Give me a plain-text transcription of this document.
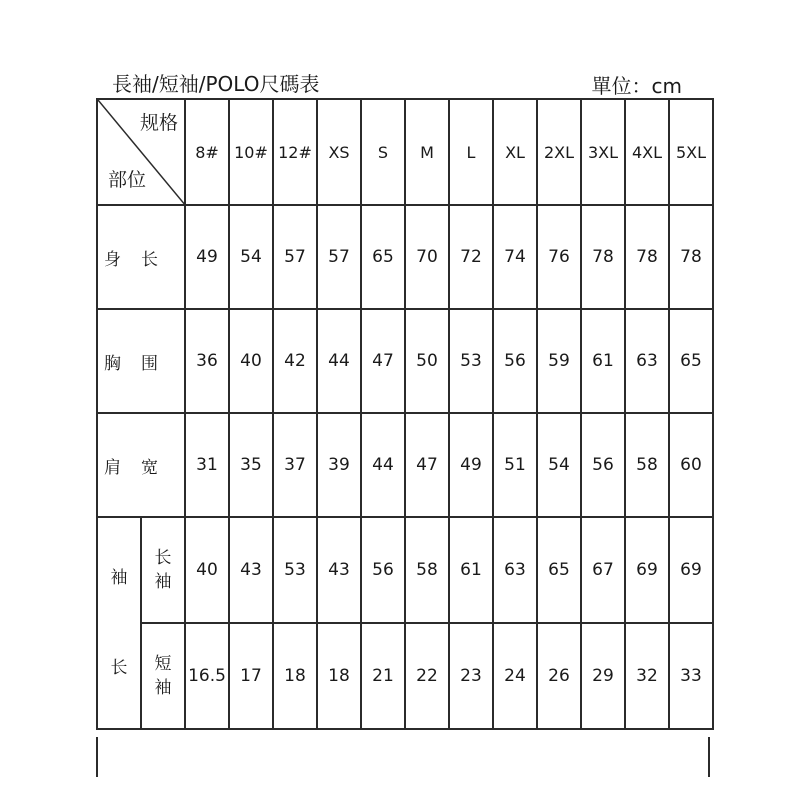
長袖/短袖/POLO尺碼表	單位：cm
规格
部位		8#	10#	12#	XS	S	M	L	XL	2XL	3XL	4XL	5XL
身长		49	54	57	57	65	70	72	74	76	78	78	78
胸围		36	40	42	44	47	50	53	56	59	61	63	65
肩宽		31	35	37	39	44	47	49	51	54	56	58	60
袖长	长袖	40	43	53	43	56	58	61	63	65	67	69	69
	短袖	16.5	17	18	18	21	22	23	24	26	29	32	33
